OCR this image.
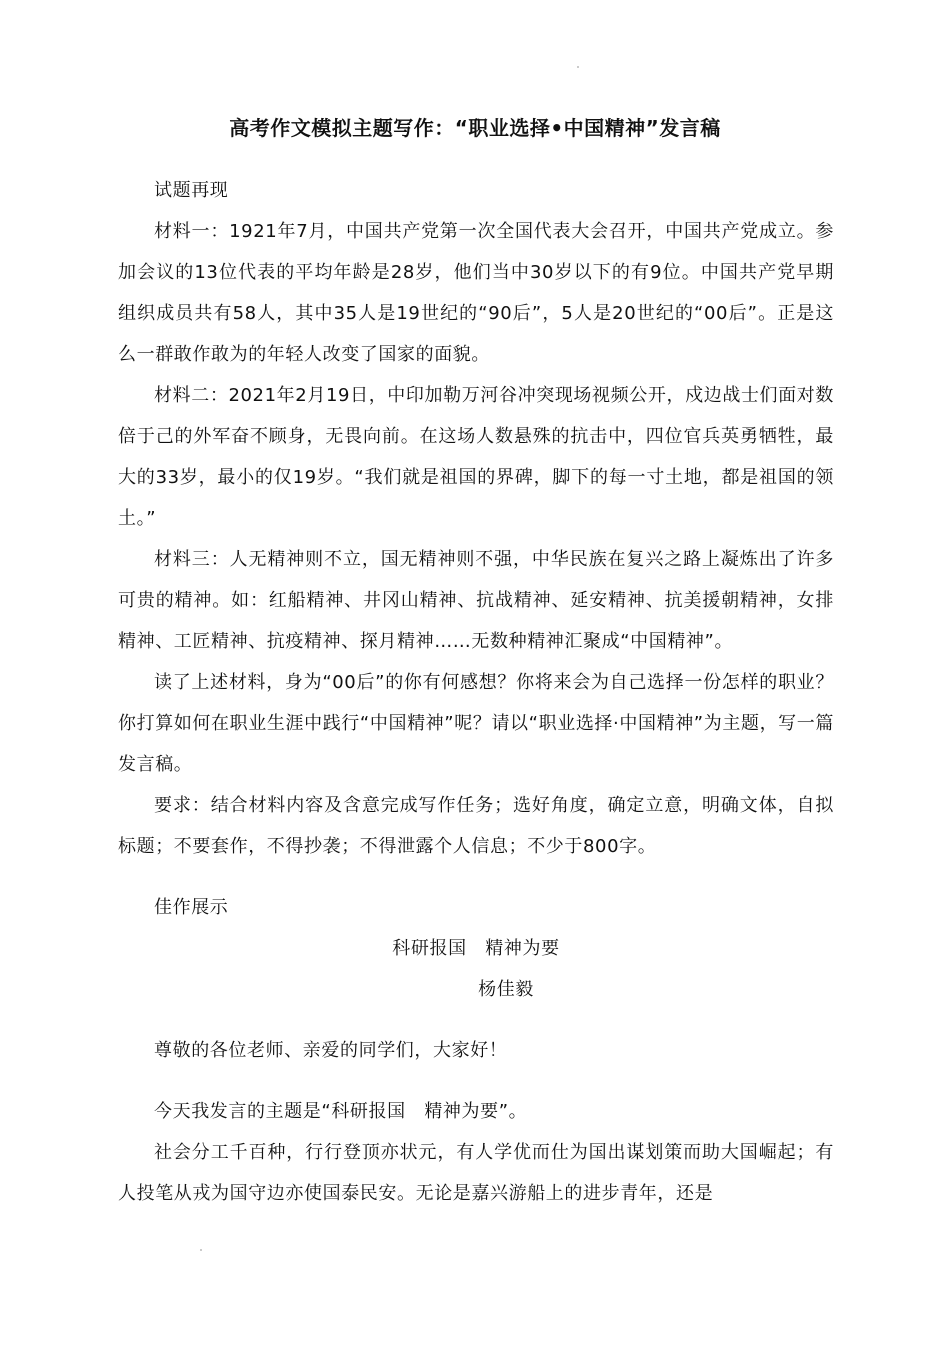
高考作文模拟主题写作：“职业选择•中国精神”发言稿

试题再现

材料一：1921年7月，中国共产党第一次全国代表大会召开，中国共产党成立。参加会议的13位代表的平均年龄是28岁，他们当中30岁以下的有9位。中国共产党早期组织成员共有58人，其中35人是19世纪的“90后”，5人是20世纪的“00后”。正是这么一群敢作敢为的年轻人改变了国家的面貌。

材料二：2021年2月19日，中印加勒万河谷冲突现场视频公开，戍边战士们面对数倍于己的外军奋不顾身，无畏向前。在这场人数悬殊的抗击中，四位官兵英勇牺牲，最大的33岁，最小的仅19岁。“我们就是祖国的界碑，脚下的每一寸土地，都是祖国的领土。”

材料三：人无精神则不立，国无精神则不强，中华民族在复兴之路上凝炼出了许多可贵的精神。如：红船精神、井冈山精神、抗战精神、延安精神、抗美援朝精神，女排精神、工匠精神、抗疫精神、探月精神……无数种精神汇聚成“中国精神”。

读了上述材料，身为“00后”的你有何感想？你将来会为自己选择一份怎样的职业？你打算如何在职业生涯中践行“中国精神”呢？请以“职业选择·中国精神”为主题，写一篇发言稿。

要求：结合材料内容及含意完成写作任务；选好角度，确定立意，明确文体，自拟标题；不要套作，不得抄袭；不得泄露个人信息；不少于800字。

佳作展示

科研报国　精神为要

杨佳毅

尊敬的各位老师、亲爱的同学们，大家好！

今天我发言的主题是“科研报国　精神为要”。

社会分工千百种，行行登顶亦状元，有人学优而仕为国出谋划策而助大国崛起；有人投笔从戎为国守边亦使国泰民安。无论是嘉兴游船上的进步青年，还是
